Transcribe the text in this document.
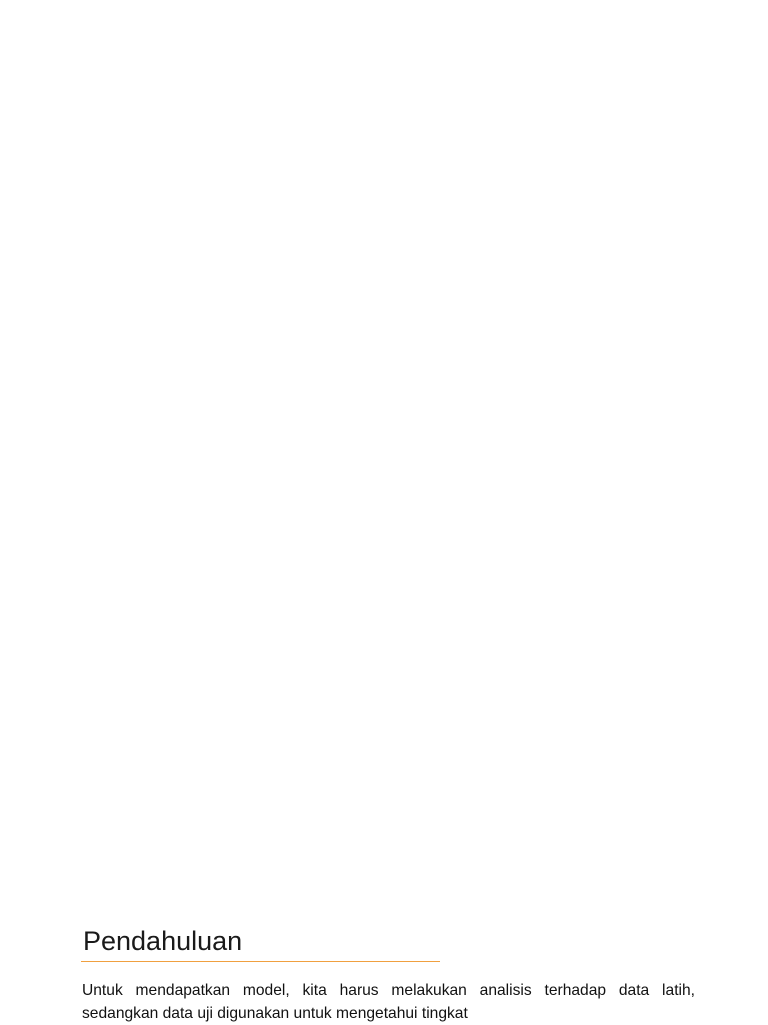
Pendahuluan

Untuk mendapatkan model, kita harus melakukan analisis terhadap data latih, sedangkan data uji digunakan untuk mengetahui tingkat
